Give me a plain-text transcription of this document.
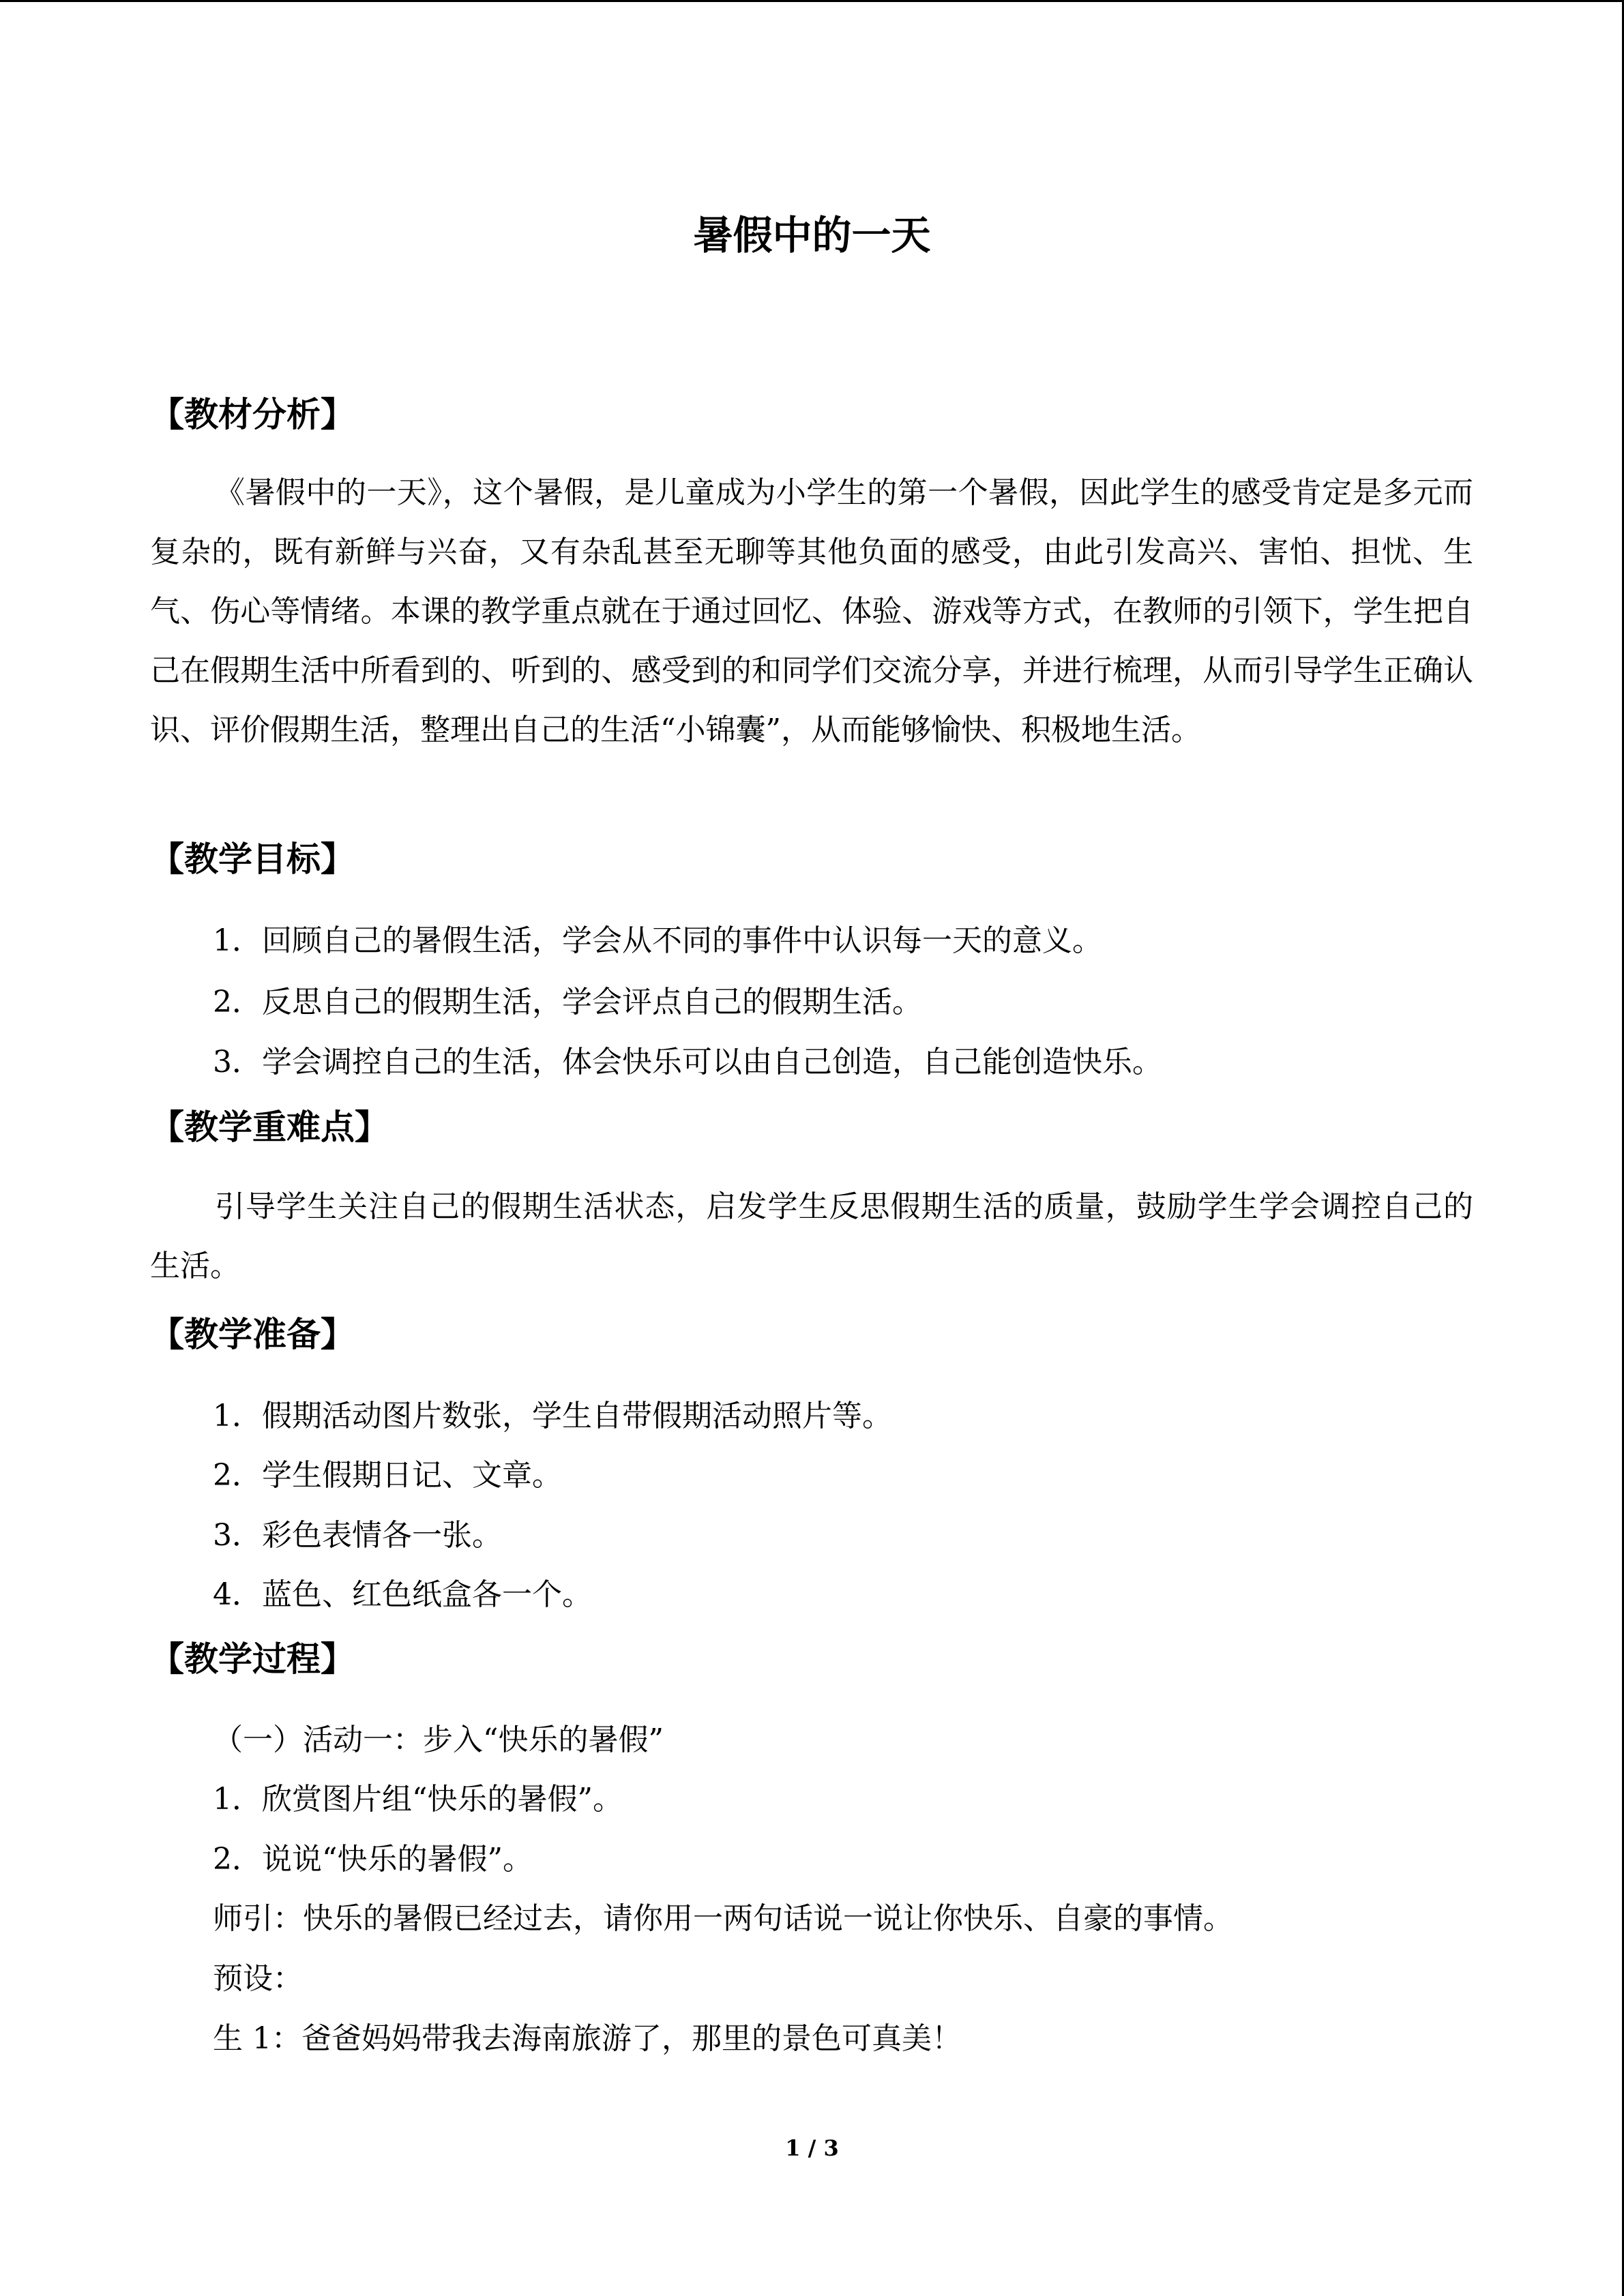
暑假中的一天
【教材分析】
《暑假中的一天》，这个暑假，是儿童成为小学生的第一个暑假，因此学生的感受肯定是多元而复杂的，既有新鲜与兴奋，又有杂乱甚至无聊等其他负面的感受，由此引发高兴、害怕、担忧、生气、伤心等情绪。本课的教学重点就在于通过回忆、体验、游戏等方式，在教师的引领下，学生把自己在假期生活中所看到的、听到的、感受到的和同学们交流分享，并进行梳理，从而引导学生正确认识、评价假期生活，整理出自己的生活“小锦囊”，从而能够愉快、积极地生活。
【教学目标】
1．回顾自己的暑假生活，学会从不同的事件中认识每一天的意义。
2．反思自己的假期生活，学会评点自己的假期生活。
3．学会调控自己的生活，体会快乐可以由自己创造，自己能创造快乐。
【教学重难点】
引导学生关注自己的假期生活状态，启发学生反思假期生活的质量，鼓励学生学会调控自己的生活。
【教学准备】
1．假期活动图片数张，学生自带假期活动照片等。
2．学生假期日记、文章。
3．彩色表情各一张。
4．蓝色、红色纸盒各一个。
【教学过程】
（一）活动一：步入“快乐的暑假”
1．欣赏图片组“快乐的暑假”。
2．说说“快乐的暑假”。
师引：快乐的暑假已经过去，请你用一两句话说一说让你快乐、自豪的事情。
预设：
生 1：爸爸妈妈带我去海南旅游了，那里的景色可真美！
1 / 3
